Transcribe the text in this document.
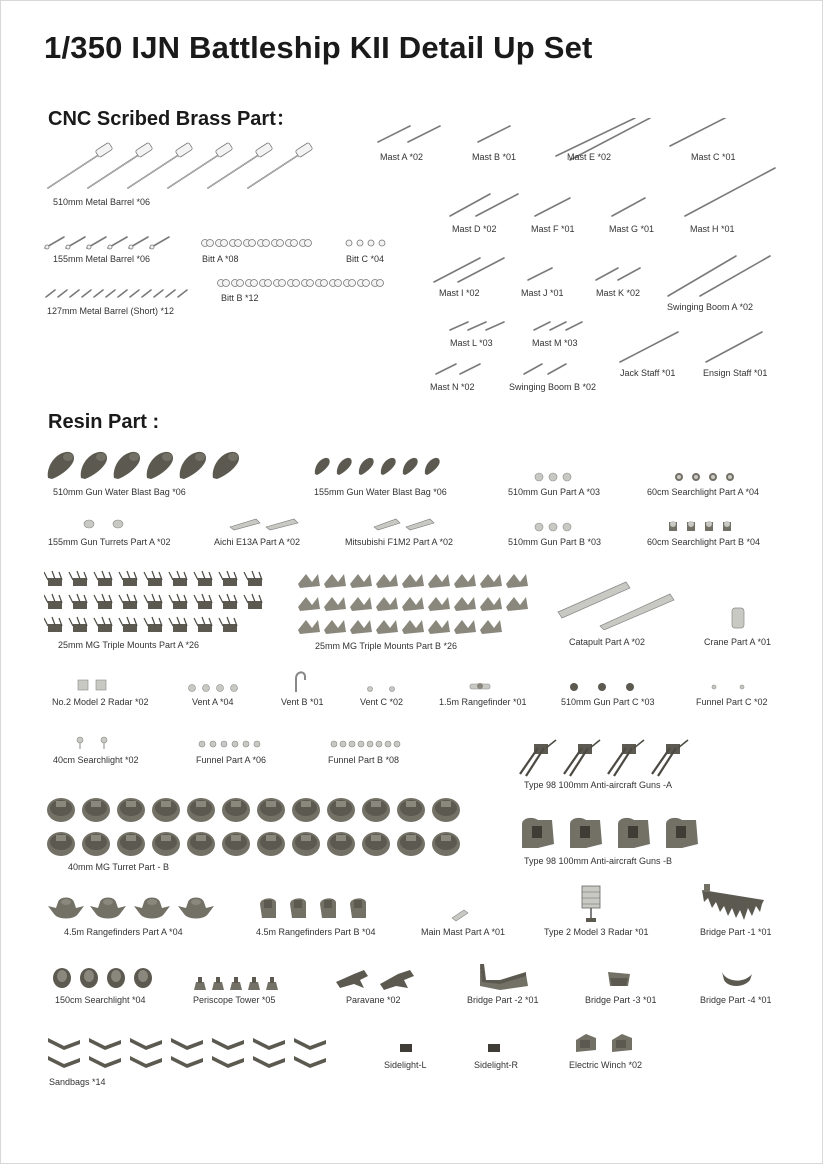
1/350 IJN Battleship KII Detail Up Set
CNC Scribed Brass Part：
Resin Part :
510mm Metal Barrel *06
155mm Metal Barrel *06	Bitt A *08	Bitt C *04
127mm Metal Barrel (Short) *12
Bitt B *12
Mast A *02	Mast B *01	Mast E *02	Mast C *01
Mast D *02	Mast F *01	Mast G *01	Mast H *01
Mast I *02	Mast J *01	Mast K *02
Swinging Boom A *02
Mast L *03	Mast M *03
Mast N *02	Swinging Boom B *02
Jack Staff *01	Ensign Staff *01
510mm Gun Water Blast Bag *06	155mm Gun Water Blast Bag *06	510mm Gun Part A *03	60cm Searchlight Part A *04
155mm Gun Turrets Part A *02	Aichi E13A Part A *02	Mitsubishi F1M2 Part A *02	510mm Gun Part B *03	60cm Searchlight Part B *04
25mm MG Triple Mounts Part A *26	25mm MG Triple Mounts Part B *26	Catapult Part A *02	Crane Part A *01
No.2 Model 2 Radar *02	Vent A *04	Vent B *01	Vent C *02	1.5m Rangefinder *01	510mm Gun Part C *03	Funnel Part C *02
40cm Searchlight *02	Funnel Part A *06	Funnel Part B *08
Type 98 100mm Anti-aircraft Guns -A
40mm MG Turret Part - B
Type 98 100mm Anti-aircraft Guns -B
4.5m Rangefinders Part A *04	4.5m Rangefinders Part B *04	Main Mast Part A *01	Type 2 Model 3 Radar *01	Bridge Part -1 *01
150cm Searchlight *04	Periscope Tower *05	Paravane *02	Bridge Part -2 *01	Bridge Part -3 *01	Bridge Part -4 *01
Sandbags *14
Sidelight-L	Sidelight-R	Electric Winch *02
